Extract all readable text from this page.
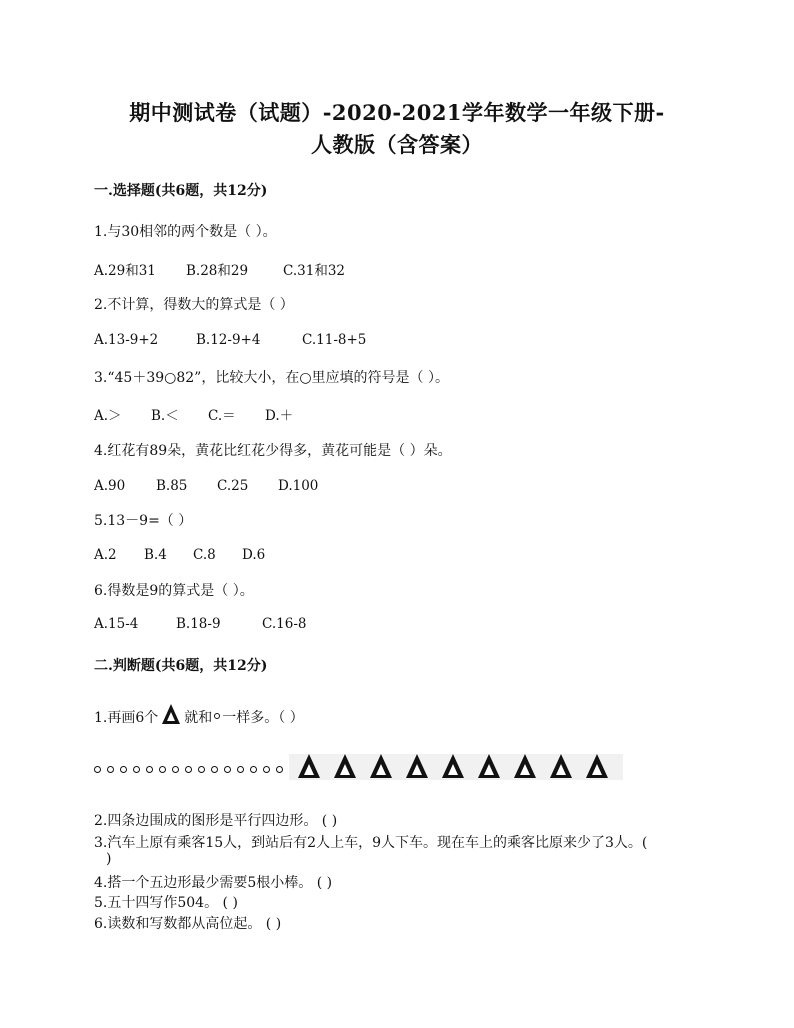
期中测试卷（试题）-2020-2021学年数学一年级下册-
人教版（含答案）
一.选择题(共6题，共12分)
1.与30相邻的两个数是（ ）。
A.29和31 B.28和29	C.31和32
2.不计算，得数大的算式是（ ）
A.13-9+2	B.12-9+4	C.11-8+5
3.“45＋39○82”，比较大小，在○里应填的符号是（ ）。
A.＞ B.＜ C.＝ D.＋
4.红花有89朵，黄花比红花少得多，黄花可能是（ ）朵。
A.90 B.85 C.25 D.100
5.13－9=（ ）
A.2 B.4 C.8 D.6
6.得数是9的算式是（ ）。
A.15-4	B.18-9	C.16-8
二.判断题(共6题，共12分)
1.再画6个 就和 一样多。（ ）
2.四条边围成的图形是平行四边形。 ( )
3.汽车上原有乘客15人，到站后有2人上车，9人下车。现在车上的乘客比原来少了3人。(
)
4.搭一个五边形最少需要5根小棒。 ( )
5.五十四写作504。 ( )
6.读数和写数都从高位起。 ( )
